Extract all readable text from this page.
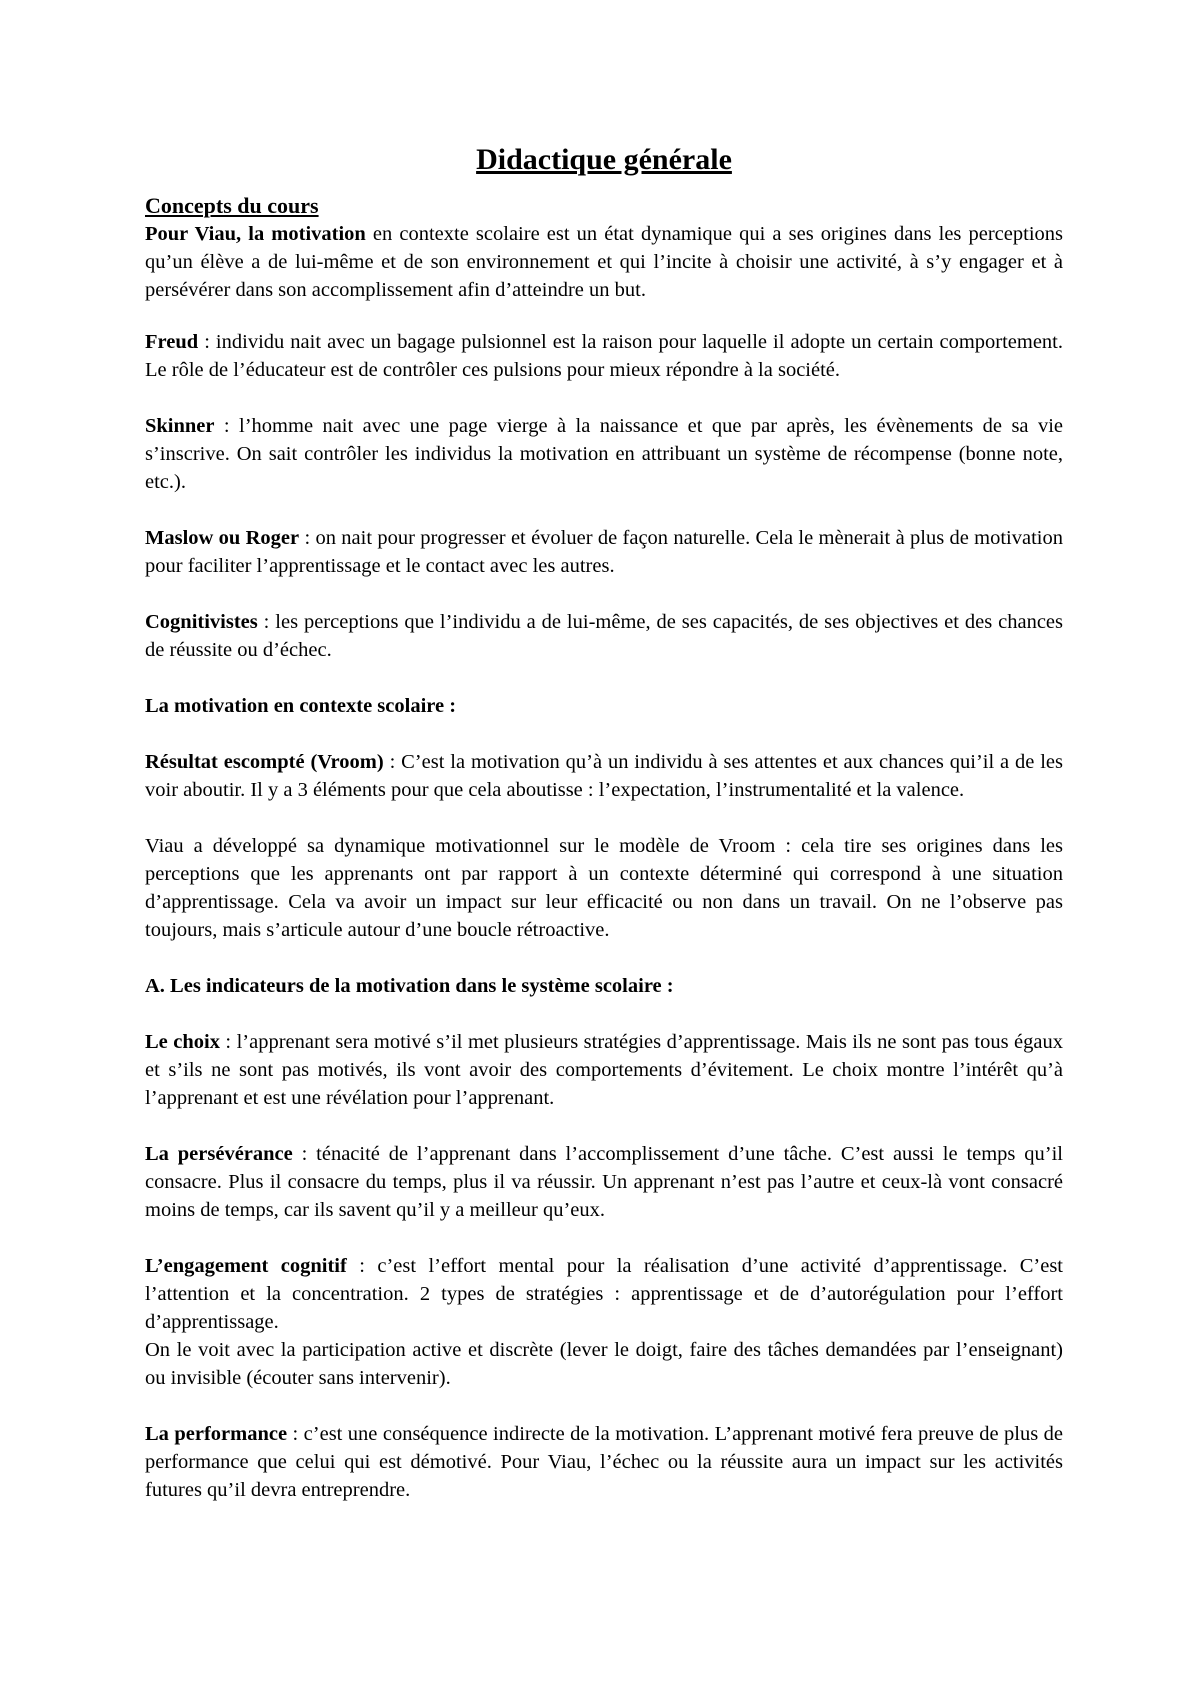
Didactique générale
Concepts du cours

Pour Viau, la motivation en contexte scolaire est un état dynamique qui a ses origines dans les perceptions qu’un élève a de lui-même et de son environnement et qui l’incite à choisir une activité, à s’y engager et à persévérer dans son accomplissement afin d’atteindre un but.

Freud : individu nait avec un bagage pulsionnel est la raison pour laquelle il adopte un certain comportement. Le rôle de l’éducateur est de contrôler ces pulsions pour mieux répondre à la société.

Skinner : l’homme nait avec une page vierge à la naissance et que par après, les évènements de sa vie s’inscrive. On sait contrôler les individus la motivation en attribuant un système de récompense (bonne note, etc.).

Maslow ou Roger : on nait pour progresser et évoluer de façon naturelle. Cela le mènerait à plus de motivation pour faciliter l’apprentissage et le contact avec les autres.

Cognitivistes : les perceptions que l’individu a de lui-même, de ses capacités, de ses objectives et des chances de réussite ou d’échec.

La motivation en contexte scolaire :

Résultat escompté (Vroom) : C’est la motivation qu’à un individu à ses attentes et aux chances qui’il a de les voir aboutir. Il y a 3 éléments pour que cela aboutisse : l’expectation, l’instrumentalité et la valence.

Viau a développé sa dynamique motivationnel sur le modèle de Vroom : cela tire ses origines dans les perceptions que les apprenants ont par rapport à un contexte déterminé qui correspond à une situation d’apprentissage. Cela va avoir un impact sur leur efficacité ou non dans un travail. On ne l’observe pas toujours, mais s’articule autour d’une boucle rétroactive.

A. Les indicateurs de la motivation dans le système scolaire :

Le choix : l’apprenant sera motivé s’il met plusieurs stratégies d’apprentissage. Mais ils ne sont pas tous égaux et s’ils ne sont pas motivés, ils vont avoir des comportements d’évitement. Le choix montre l’intérêt qu’à l’apprenant et est une révélation pour l’apprenant.

La persévérance : ténacité de l’apprenant dans l’accomplissement d’une tâche. C’est aussi le temps qu’il consacre. Plus il consacre du temps, plus il va réussir. Un apprenant n’est pas l’autre et ceux-là vont consacré moins de temps, car ils savent qu’il y a meilleur qu’eux.

L’engagement cognitif : c’est l’effort mental pour la réalisation d’une activité d’apprentissage. C’est l’attention et la concentration. 2 types de stratégies : apprentissage et de d’autorégulation pour l’effort d’apprentissage.

On le voit avec la participation active et discrète (lever le doigt, faire des tâches demandées par l’enseignant) ou invisible (écouter sans intervenir).

La performance : c’est une conséquence indirecte de la motivation. L’apprenant motivé fera preuve de plus de performance que celui qui est démotivé. Pour Viau, l’échec ou la réussite aura un impact sur les activités futures qu’il devra entreprendre.
